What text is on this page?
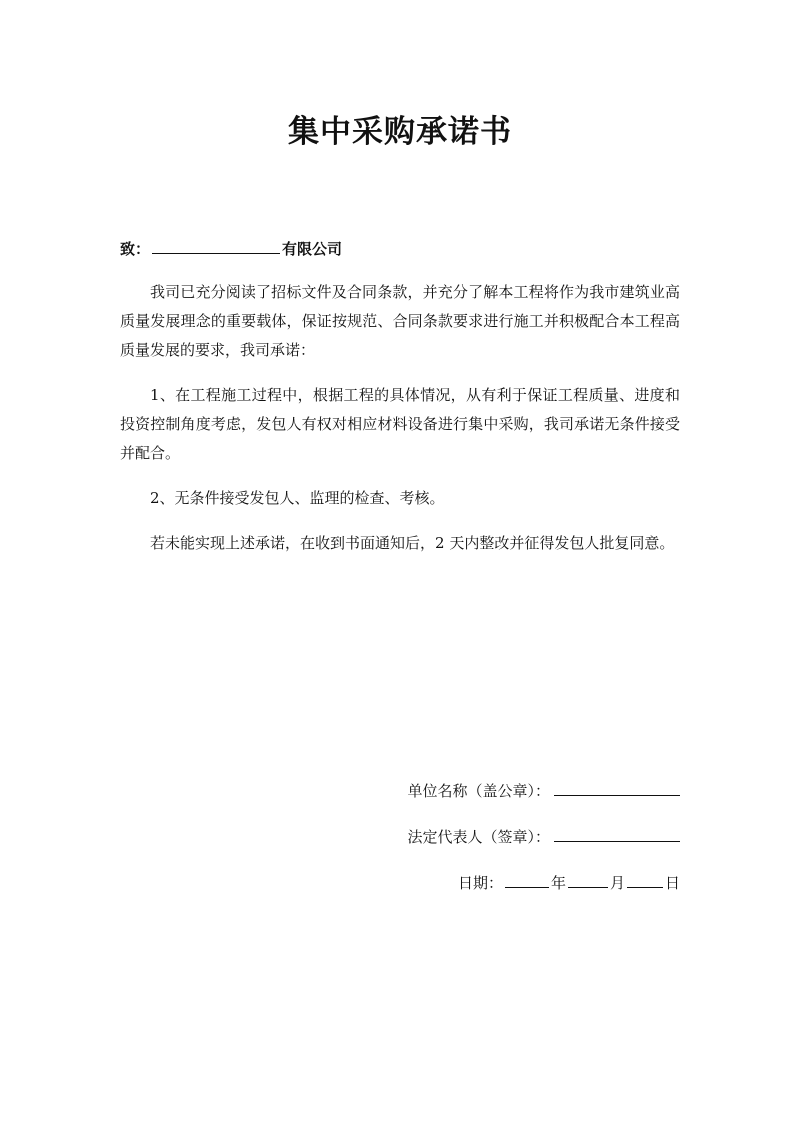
集中采购承诺书
致：	有限公司

我司已充分阅读了招标文件及合同条款，并充分了解本工程将作为我市建筑业高质量发展理念的重要载体，保证按规范、合同条款要求进行施工并积极配合本工程高质量发展的要求，我司承诺：

1、在工程施工过程中，根据工程的具体情况，从有利于保证工程质量、进度和投资控制角度考虑，发包人有权对相应材料设备进行集中采购，我司承诺无条件接受并配合。

2、无条件接受发包人、监理的检查、考核。

若未能实现上述承诺，在收到书面通知后，2 天内整改并征得发包人批复同意。

单位名称（盖公章）：
法定代表人（签章）：
日期：	年	月	日
